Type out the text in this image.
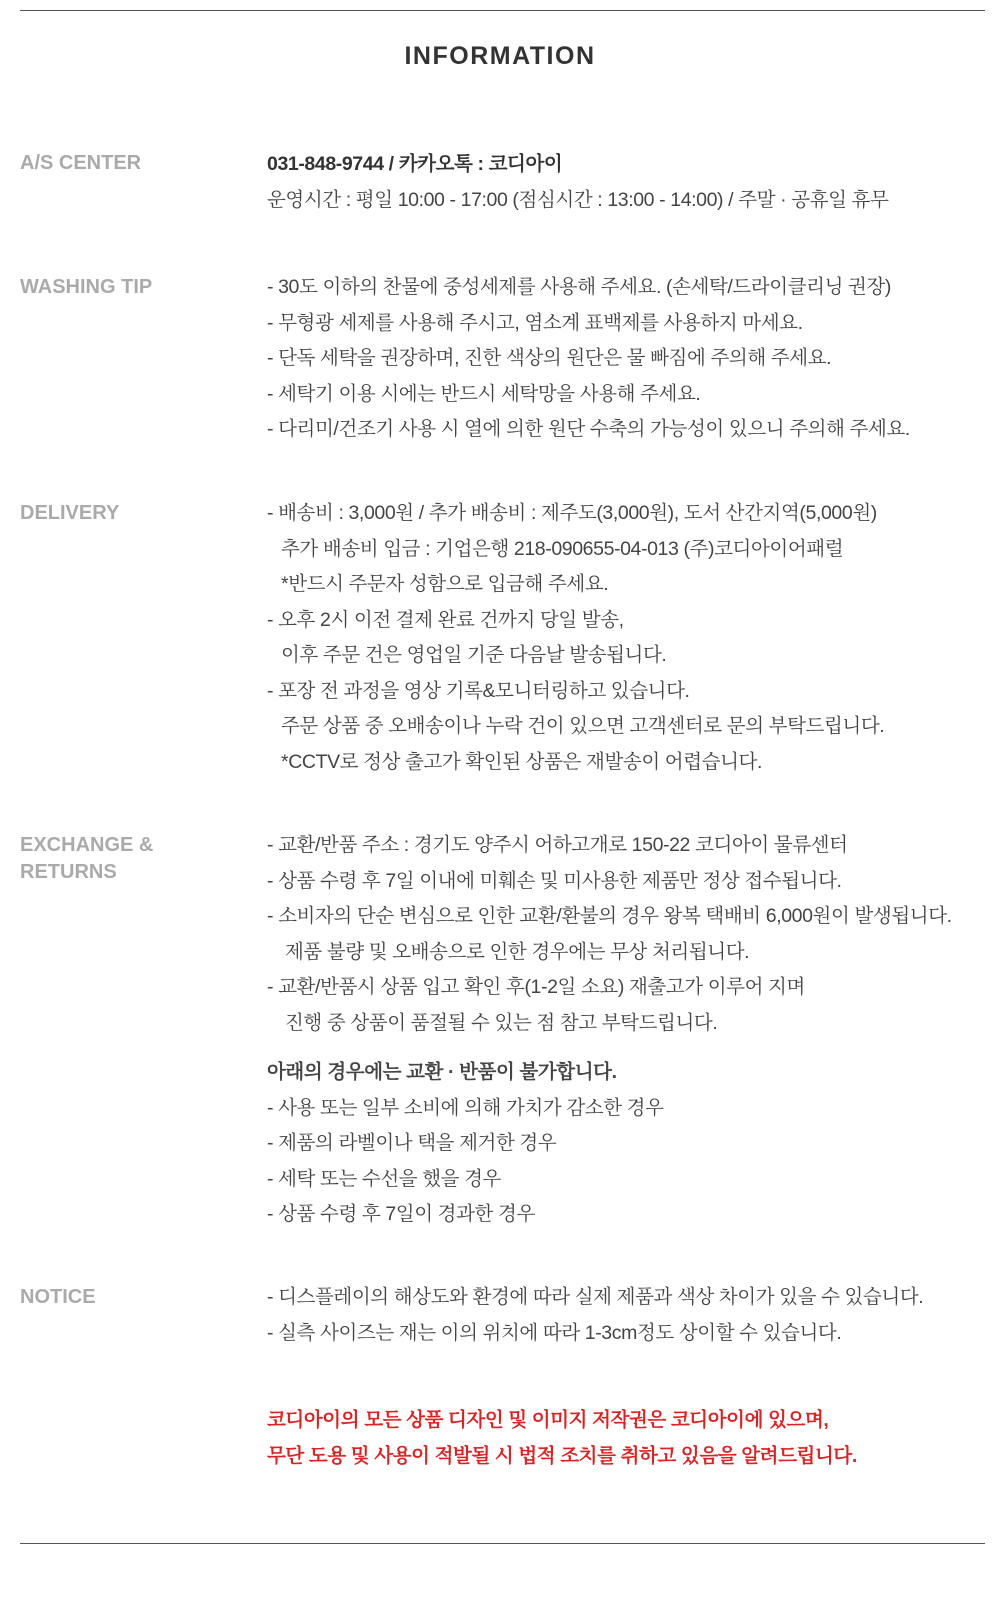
INFORMATION
A/S CENTER	031-848-9744 / 카카오톡 : 코디아이
운영시간 : 평일 10:00 - 17:00 (점심시간 : 13:00 - 14:00) / 주말 · 공휴일 휴무
WASHING TIP	- 30도 이하의 찬물에 중성세제를 사용해 주세요. (손세탁/드라이클리닝 권장)
- 무형광 세제를 사용해 주시고, 염소계 표백제를 사용하지 마세요.
- 단독 세탁을 권장하며, 진한 색상의 원단은 물 빠짐에 주의해 주세요.
- 세탁기 이용 시에는 반드시 세탁망을 사용해 주세요.
- 다리미/건조기 사용 시 열에 의한 원단 수축의 가능성이 있으니 주의해 주세요.
DELIVERY	- 배송비 : 3,000원 / 추가 배송비 : 제주도(3,000원), 도서 산간지역(5,000원)
추가 배송비 입금 : 기업은행 218-090655-04-013 (주)코디아이어패럴
*반드시 주문자 성함으로 입금해 주세요.
- 오후 2시 이전 결제 완료 건까지 당일 발송,
이후 주문 건은 영업일 기준 다음날 발송됩니다.
- 포장 전 과정을 영상 기록&모니터링하고 있습니다.
주문 상품 중 오배송이나 누락 건이 있으면 고객센터로 문의 부탁드립니다.
*CCTV로 정상 출고가 확인된 상품은 재발송이 어렵습니다.
EXCHANGE &
RETURNS
- 교환/반품 주소 : 경기도 양주시 어하고개로 150-22 코디아이 물류센터
- 상품 수령 후 7일 이내에 미훼손 및 미사용한 제품만 정상 접수됩니다.
- 소비자의 단순 변심으로 인한 교환/환불의 경우 왕복 택배비 6,000원이 발생됩니다.
제품 불량 및 오배송으로 인한 경우에는 무상 처리됩니다.
- 교환/반품시 상품 입고 확인 후(1-2일 소요) 재출고가 이루어 지며
진행 중 상품이 품절될 수 있는 점 참고 부탁드립니다.
아래의 경우에는 교환 · 반품이 불가합니다.
- 사용 또는 일부 소비에 의해 가치가 감소한 경우
- 제품의 라벨이나 택을 제거한 경우
- 세탁 또는 수선을 했을 경우
- 상품 수령 후 7일이 경과한 경우
NOTICE	- 디스플레이의 해상도와 환경에 따라 실제 제품과 색상 차이가 있을 수 있습니다.
- 실측 사이즈는 재는 이의 위치에 따라 1-3cm정도 상이할 수 있습니다.
코디아이의 모든 상품 디자인 및 이미지 저작권은 코디아이에 있으며,
무단 도용 및 사용이 적발될 시 법적 조치를 취하고 있음을 알려드립니다.
